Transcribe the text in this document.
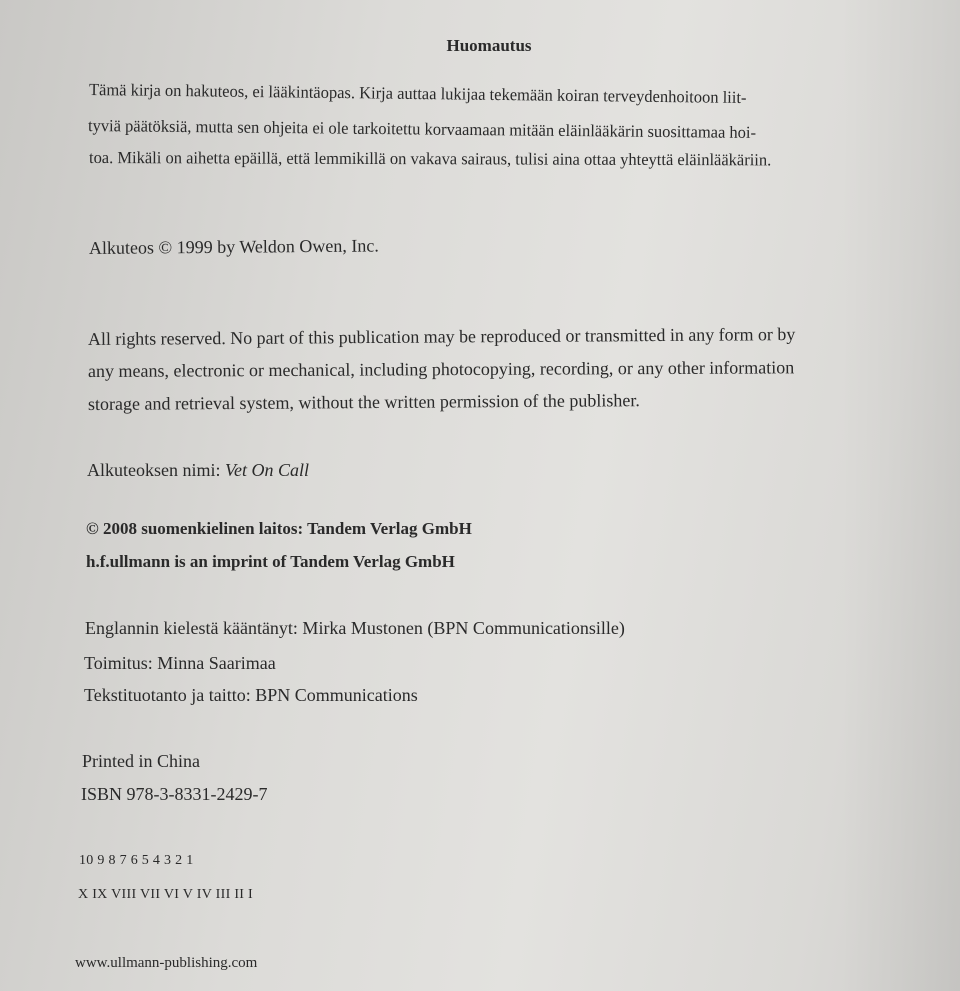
Huomautus
Tämä kirja on hakuteos, ei lääkintäopas. Kirja auttaa lukijaa tekemään koiran terveydenhoitoon liit-
tyviä päätöksiä, mutta sen ohjeita ei ole tarkoitettu korvaamaan mitään eläinlääkärin suosittamaa hoi-
toa. Mikäli on aihetta epäillä, että lemmikillä on vakava sairaus, tulisi aina ottaa yhteyttä eläinlääkäriin.
Alkuteos © 1999 by Weldon Owen, Inc.
All rights reserved. No part of this publication may be reproduced or transmitted in any form or by
any means, electronic or mechanical, including photocopying, recording, or any other information
storage and retrieval system, without the written permission of the publisher.
Alkuteoksen nimi: Vet On Call
© 2008 suomenkielinen laitos: Tandem Verlag GmbH
h.f.ullmann is an imprint of Tandem Verlag GmbH
Englannin kielestä kääntänyt: Mirka Mustonen (BPN Communicationsille)
Toimitus: Minna Saarimaa
Tekstituotanto ja taitto: BPN Communications
Printed in China
ISBN 978-3-8331-2429-7
10 9 8 7 6 5 4 3 2 1
X IX VIII VII VI V IV III II I
www.ullmann-publishing.com
